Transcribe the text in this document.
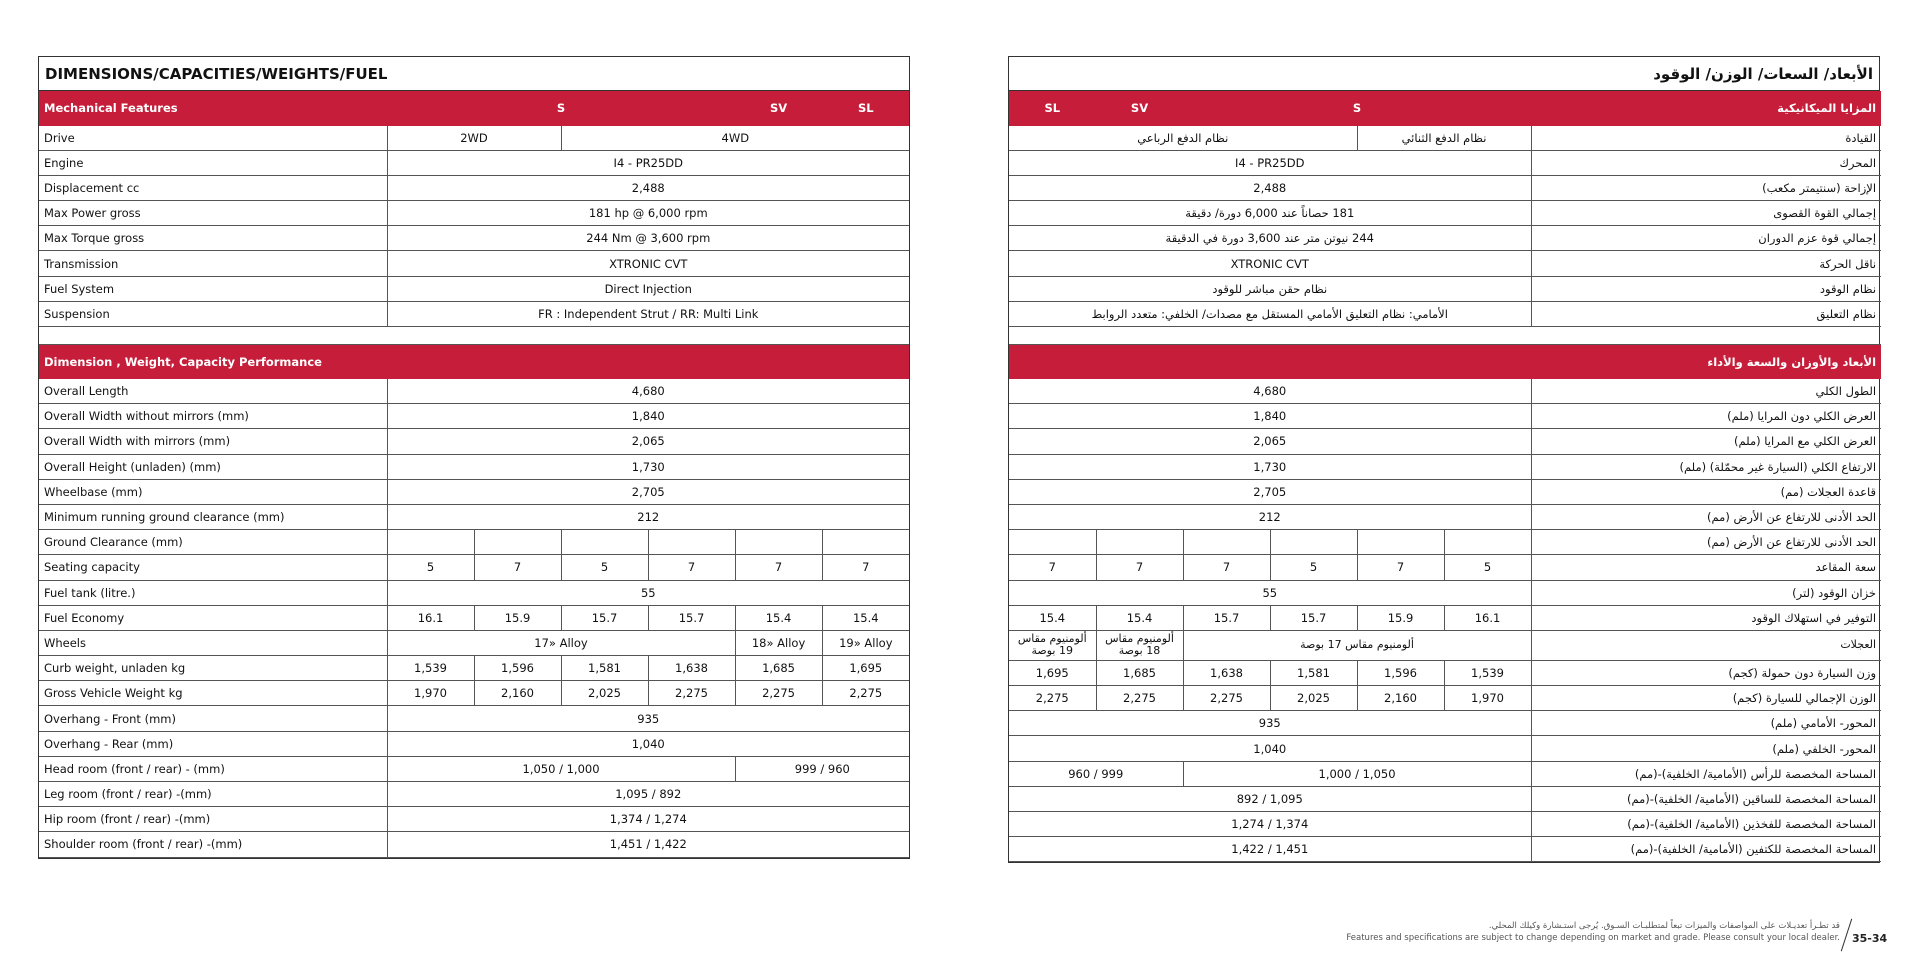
DIMENSIONS/CAPACITIES/WEIGHTS/FUEL
Mechanical Features	S				SV	SL
Drive	2WD		4WD			
Engine	I4 - PR25DD					
Displacement cc	2,488					
Max Power gross	181 hp @ 6,000 rpm					
Max Torque gross	244 Nm @ 3,600 rpm					
Transmission	XTRONIC CVT					
Fuel System	Direct Injection					
Suspension	FR : Independent Strut / RR: Multi Link					

Dimension , Weight, Capacity Performance						
Overall Length	4,680					
Overall Width without mirrors (mm)	1,840					
Overall Width with mirrors (mm)	2,065					
Overall Height (unladen) (mm)	1,730					
Wheelbase (mm)	2,705					
Minimum running ground clearance (mm)	212					
Ground Clearance (mm)						
Seating capacity	5	7	5	7	7	7
Fuel tank (litre.)	55					
Fuel Economy	16.1	15.9	15.7	15.7	15.4	15.4
Wheels	17» Alloy				18» Alloy	19» Alloy
Curb weight, unladen kg	1,539	1,596	1,581	1,638	1,685	1,695
Gross Vehicle Weight kg	1,970	2,160	2,025	2,275	2,275	2,275
Overhang - Front (mm)	935					
Overhang - Rear (mm)	1,040					
Head room (front / rear) - (mm)	1,050 / 1,000				999 / 960	
Leg room (front / rear) -(mm)	1,095 / 892					
Hip room (front / rear) -(mm)	1,374 / 1,274					
Shoulder room (front / rear) -(mm)	1,451 / 1,422					
الأبعاد/ السعات/ الوزن/ الوقود
SL	SV	S				المزايا الميكانيكية
نظام الدفع الرباعي				نظام الدفع الثنائي		القيادة
I4 - PR25DD						المحرك
2,488						الإزاحة (سنتيمتر مكعب)
181 حصاناً عند 6,000 دورة/ دقيقة						إجمالي القوة القصوى
244 نيوتن متر عند 3,600 دورة في الدقيقة						إجمالي قوة عزم الدوران
XTRONIC CVT						ناقل الحركة
نظام حقن مباشر للوقود						نظام الوقود
الأمامي: نظام التعليق الأمامي المستقل مع مصدات/ الخلفي: متعدد الروابط						نظام التعليق

الأبعاد والأوزان والسعة والأداء						
4,680						الطول الكلي
1,840						العرض الكلي دون المرايا (ملم)
2,065						العرض الكلي مع المرايا (ملم)
1,730						الارتفاع الكلي (السيارة غير محمّلة) (ملم)
2,705						قاعدة العجلات (مم)
212						الحد الأدنى للارتفاع عن الأرض (مم)
						الحد الأدنى للارتفاع عن الأرض (مم)
7	7	7	5	7	5	سعة المقاعد
55						خزان الوقود (لتر)
15.4	15.4	15.7	15.7	15.9	16.1	التوفير في استهلاك الوقود
ألومنيوم مقاس 19 بوصة	ألومنيوم مقاس 18 بوصة	ألومنيوم مقاس 17 بوصة				العجلات
1,695	1,685	1,638	1,581	1,596	1,539	وزن السيارة دون حمولة (كجم)
2,275	2,275	2,275	2,025	2,160	1,970	الوزن الإجمالي للسيارة (كجم)
935						المحور- الأمامي (ملم)
1,040						المحور- الخلفي (ملم)
960 / 999		1,000 / 1,050				المساحة المخصصة للرأس (الأمامية/ الخلفية)-(مم)
892 / 1,095						المساحة المخصصة للساقين (الأمامية/ الخلفية)-(مم)
1,274 / 1,374						المساحة المخصصة للفخذين (الأمامية/ الخلفية)-(مم)
1,422 / 1,451						المساحة المخصصة للكتفين (الأمامية/ الخلفية)-(مم)
قد تطـرأ تعديـلات على المواصفات والميزات تبعاً لمتطلبـات السـوق. يُرجى استـشارة وكيلك المحلي.
Features and specifications are subject to change depending on market and grade. Please consult your local dealer. 35-34
